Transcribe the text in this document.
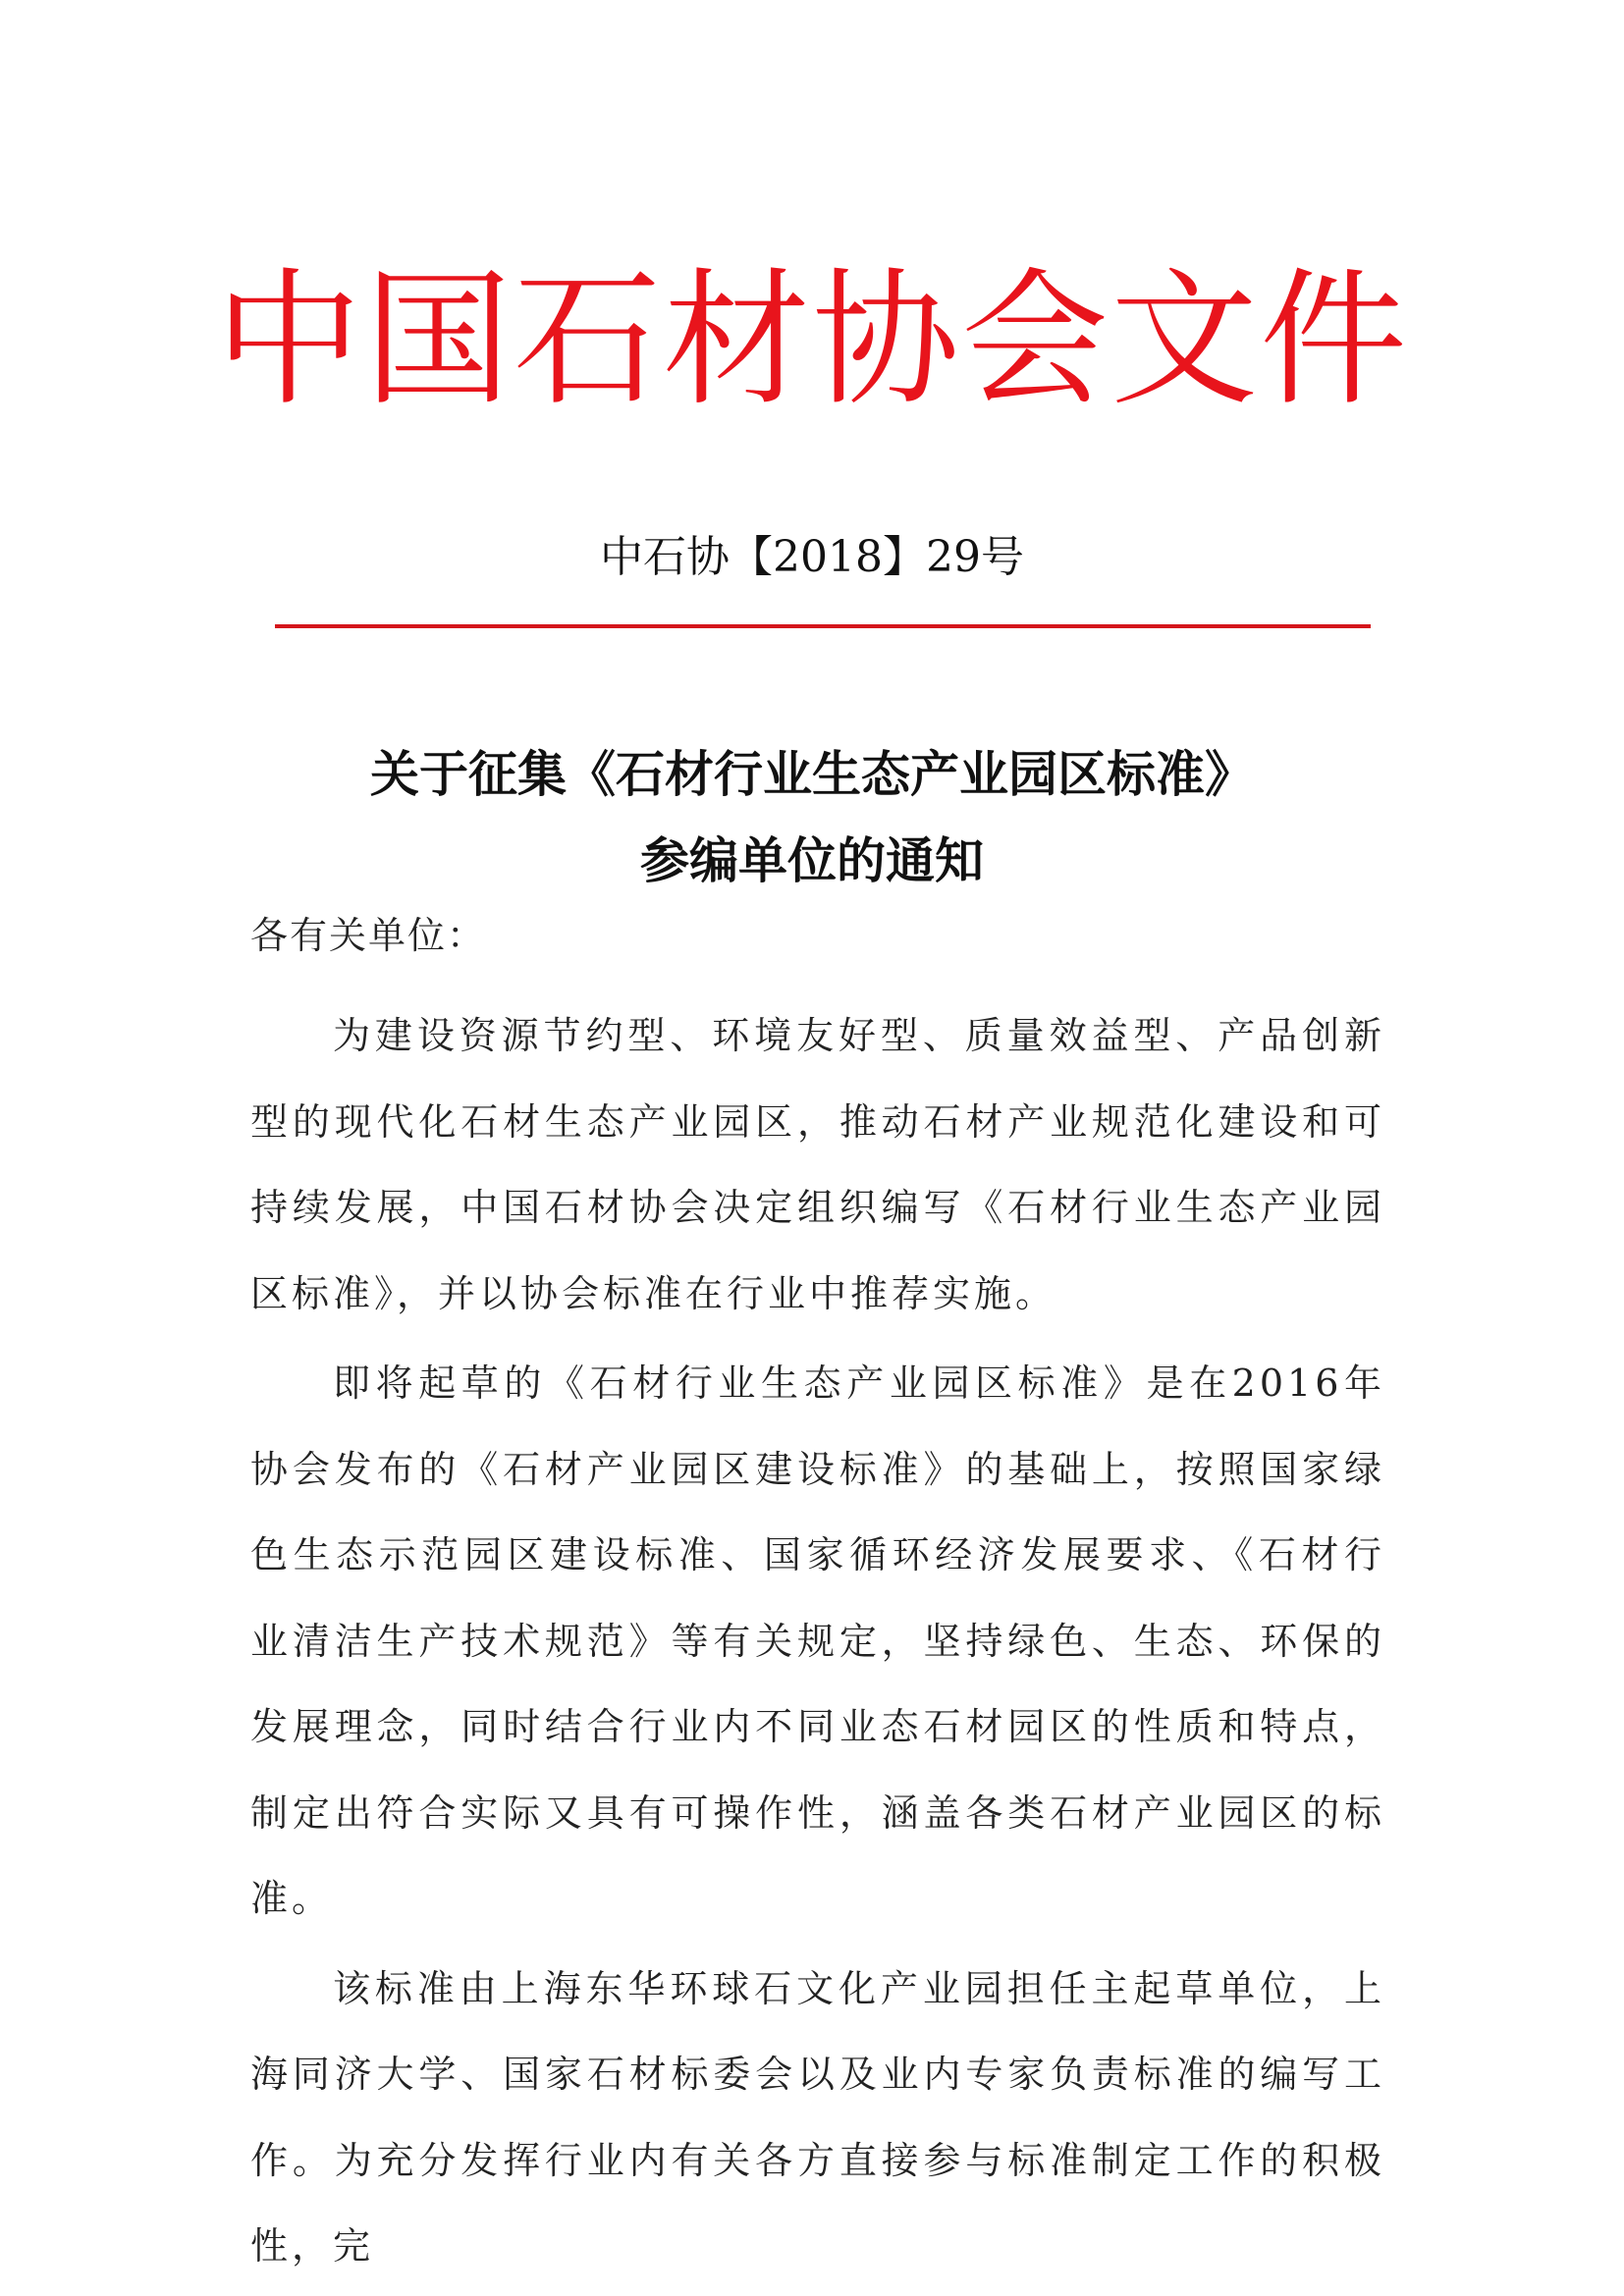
中国石材协会文件
中石协【2018】29号
关于征集《石材行业生态产业园区标准》
参编单位的通知
各有关单位：

为建设资源节约型、环境友好型、质量效益型、产品创新型的现代化石材生态产业园区，推动石材产业规范化建设和可持续发展，中国石材协会决定组织编写《石材行业生态产业园区标准》，并以协会标准在行业中推荐实施。

即将起草的《石材行业生态产业园区标准》是在2016年协会发布的《石材产业园区建设标准》的基础上，按照国家绿色生态示范园区建设标准、国家循环经济发展要求、《石材行业清洁生产技术规范》等有关规定，坚持绿色、生态、环保的发展理念，同时结合行业内不同业态石材园区的性质和特点，制定出符合实际又具有可操作性，涵盖各类石材产业园区的标准。

该标准由上海东华环球石文化产业园担任主起草单位，上海同济大学、国家石材标委会以及业内专家负责标准的编写工作。为充分发挥行业内有关各方直接参与标准制定工作的积极性，完
